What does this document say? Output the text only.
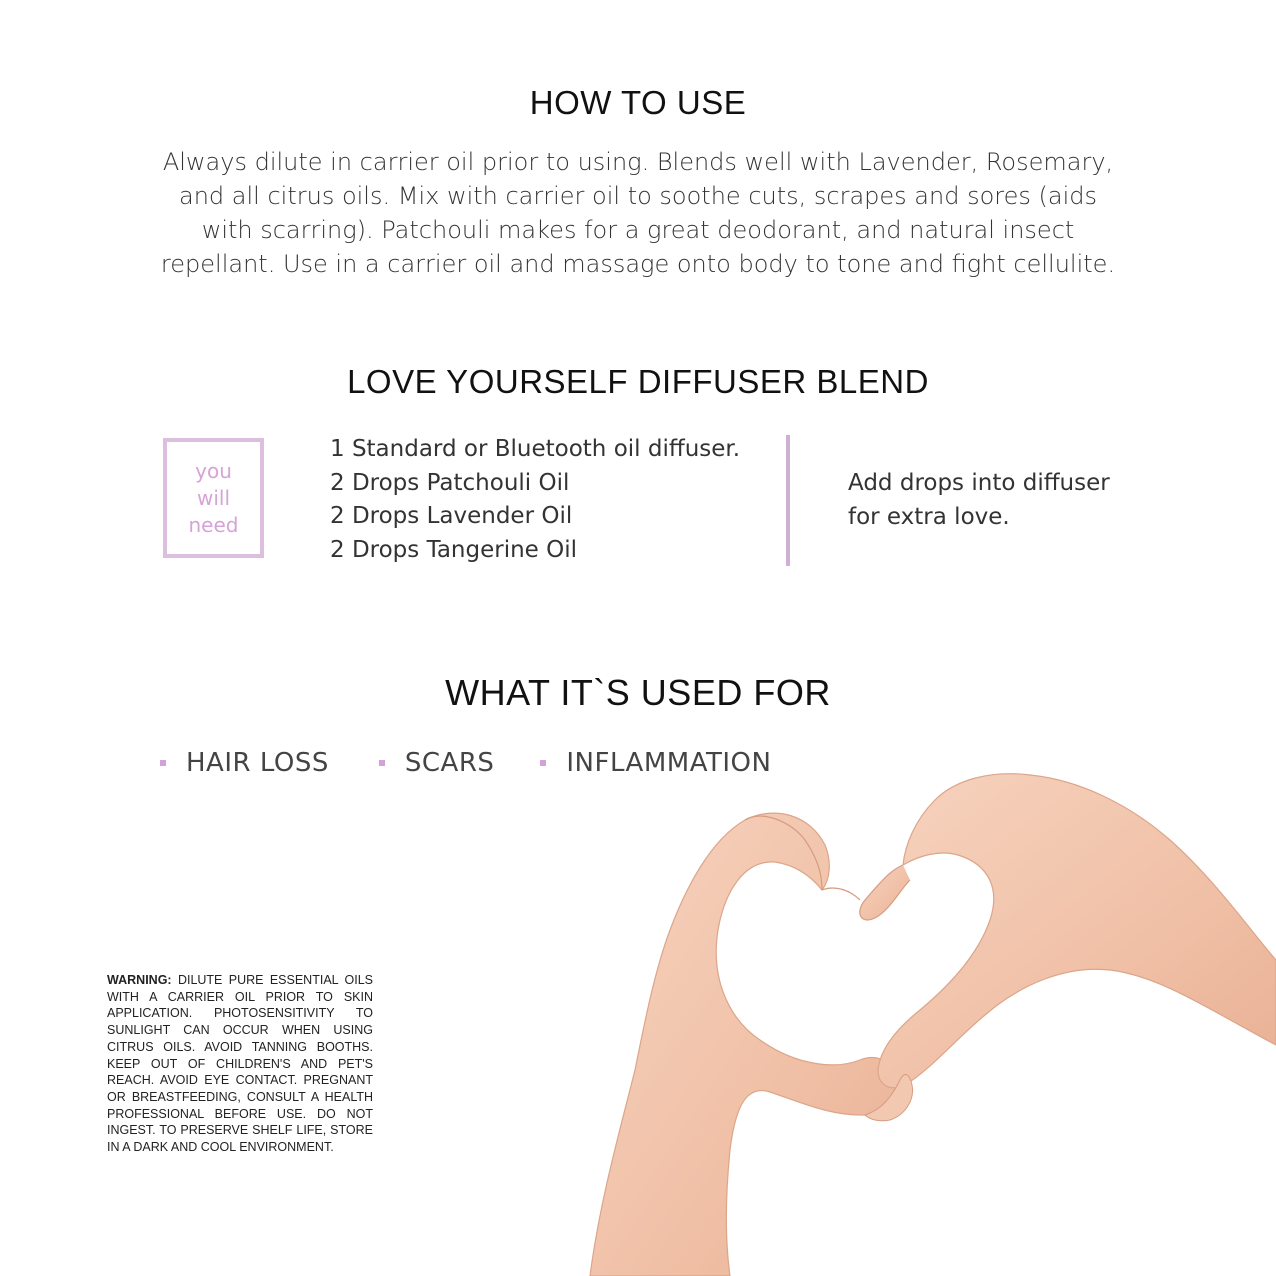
HOW TO USE

Always dilute in carrier oil prior to using. Blends well with Lavender, Rosemary, and all citrus oils. Mix with carrier oil to soothe cuts, scrapes and sores (aids with scarring). Patchouli makes for a great deodorant, and natural insect repellant. Use in a carrier oil and massage onto body to tone and fight cellulite.

LOVE YOURSELF DIFFUSER BLEND
you
will
need
1 Standard or Bluetooth oil diffuser.
2 Drops Patchouli Oil
2 Drops Lavender Oil
2 Drops Tangerine Oil

Add drops into diffuser for extra love.

WHAT IT`S USED FOR
HAIR LOSS	SCARS	INFLAMMATION

WARNING: DILUTE PURE ESSENTIAL OILS WITH A CARRIER OIL PRIOR TO SKIN APPLICATION. PHOTOSENSITIVITY TO SUNLIGHT CAN OCCUR WHEN USING CITRUS OILS. AVOID TANNING BOOTHS. KEEP OUT OF CHILDREN'S AND PET'S REACH. AVOID EYE CONTACT. PREGNANT OR BREASTFEEDING, CONSULT A HEALTH PROFESSIONAL BEFORE USE. DO NOT INGEST. TO PRESERVE SHELF LIFE, STORE IN A DARK AND COOL ENVIRONMENT.
